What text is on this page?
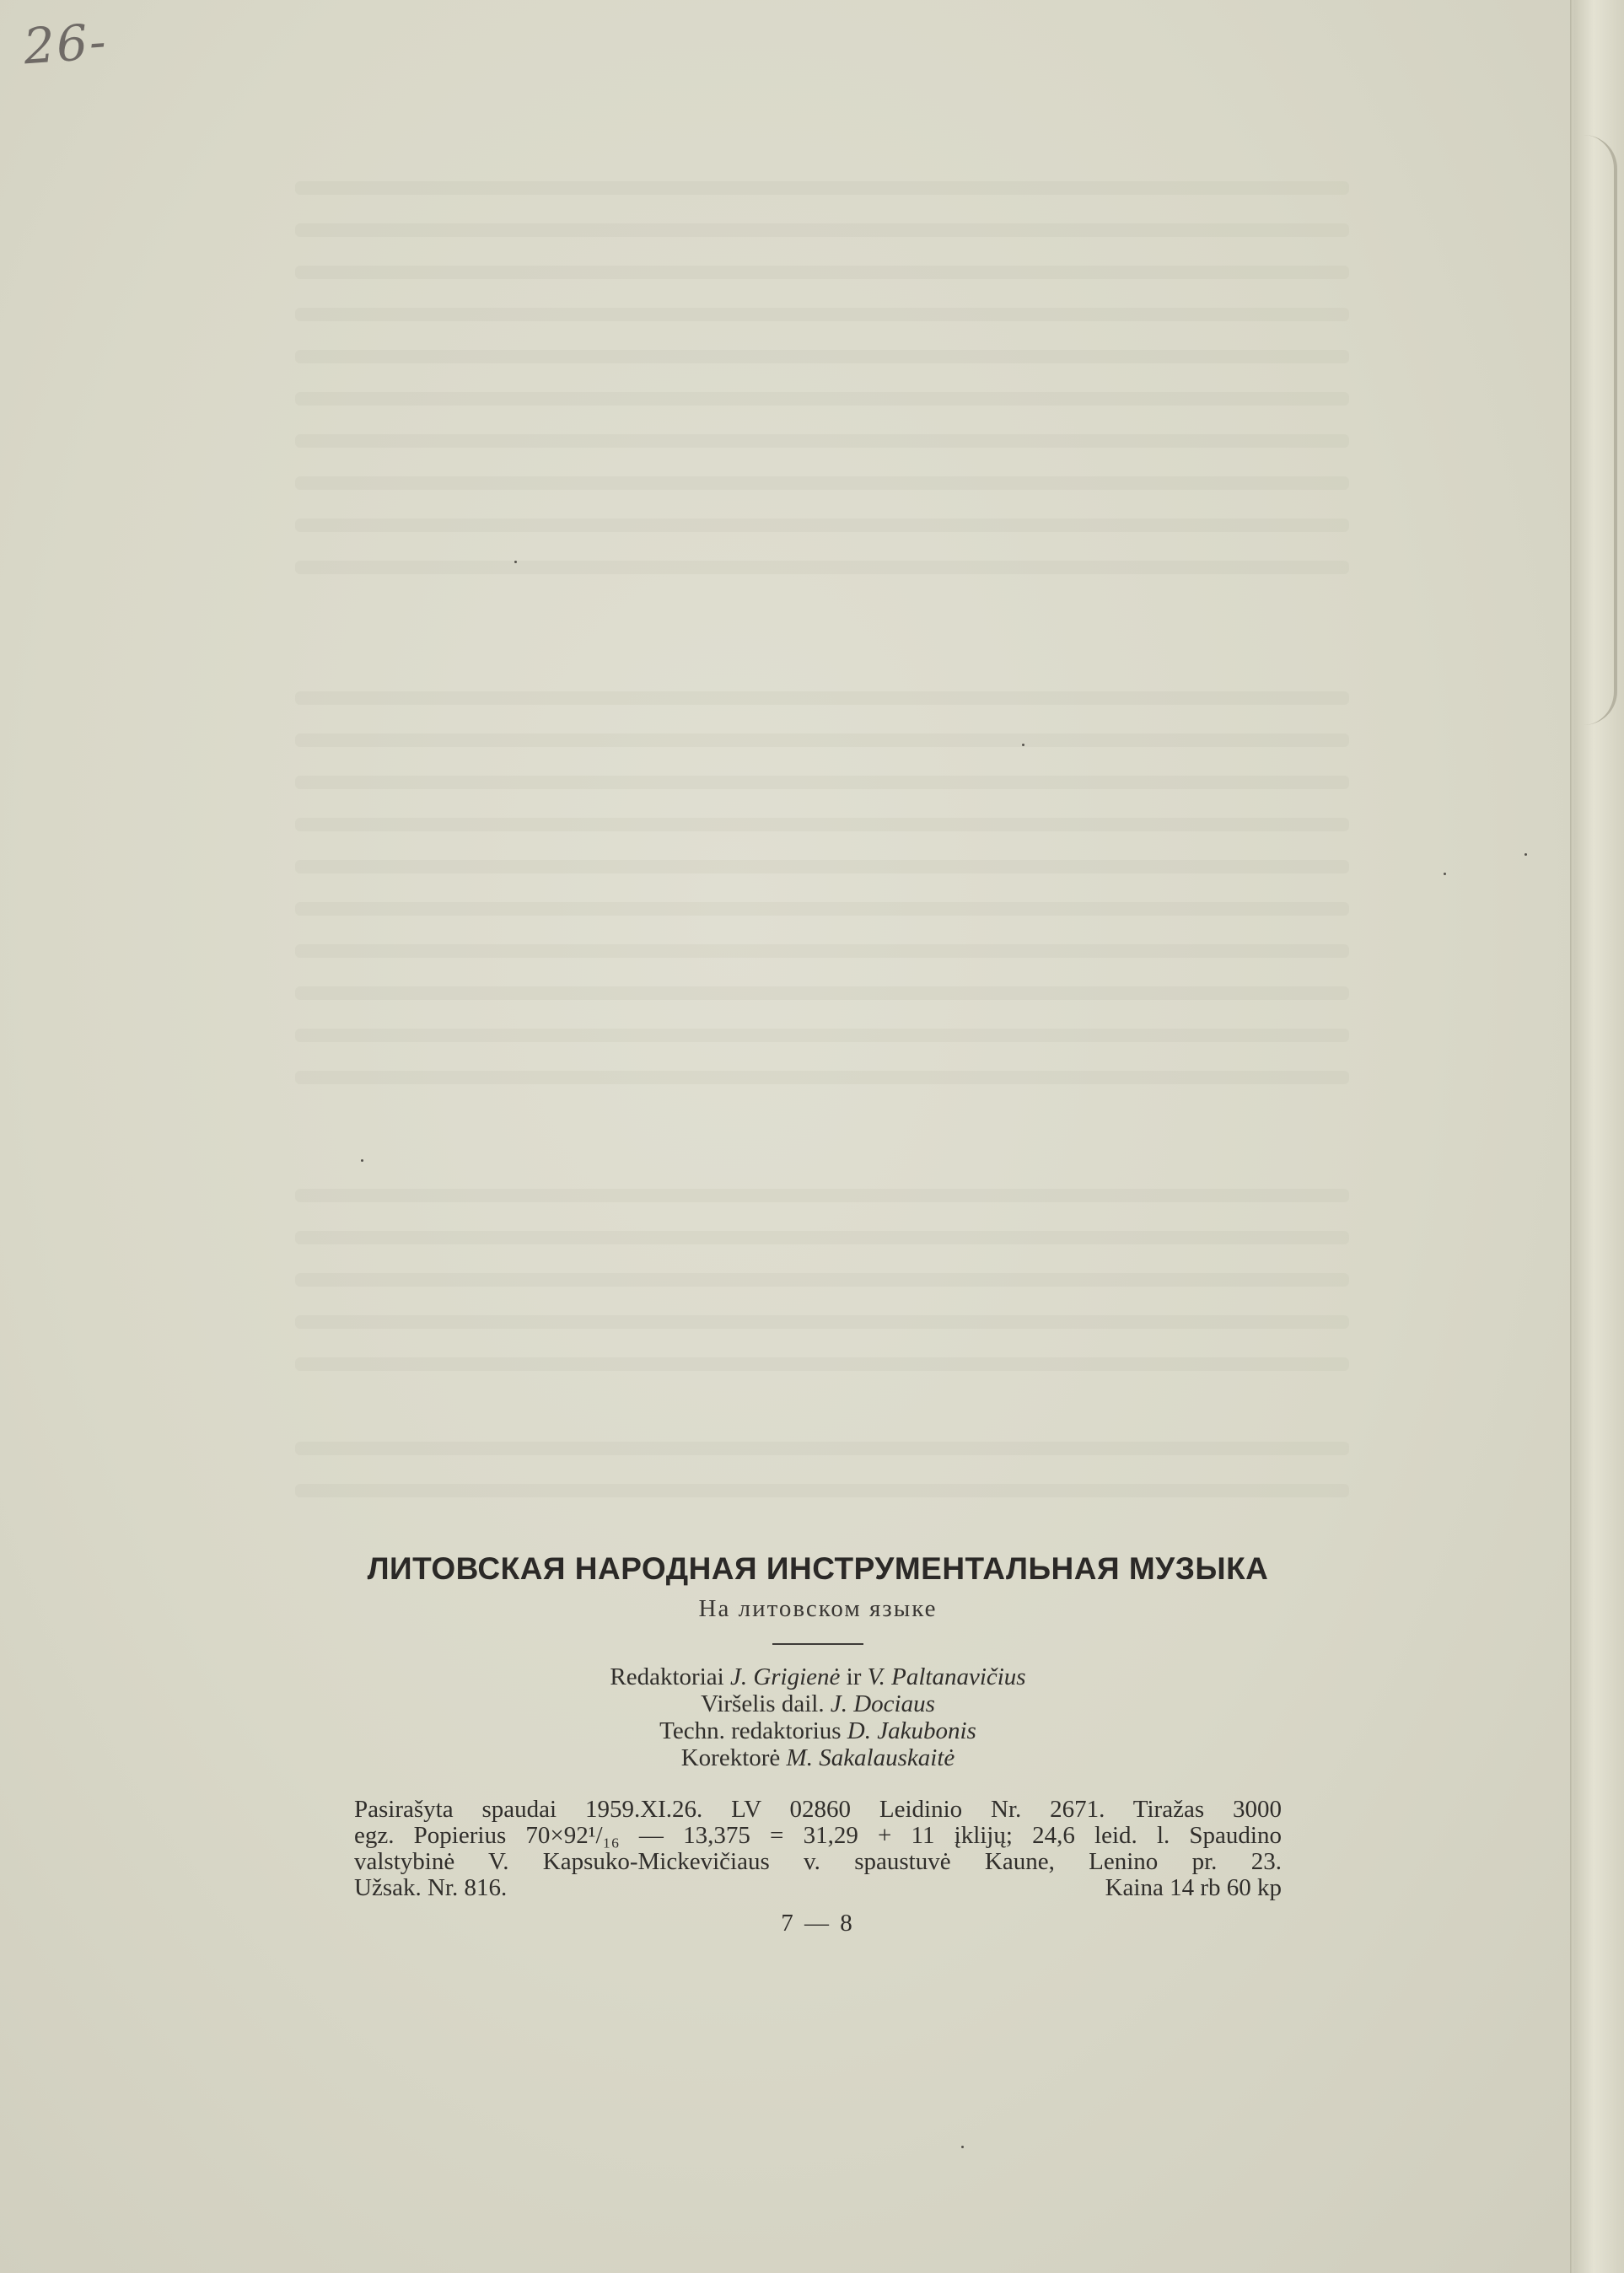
26-
ЛИТОВСКАЯ НАРОДНАЯ ИНСТРУМЕНТАЛЬНАЯ МУЗЫКА
На литовском языке
Redaktoriai J. Grigienė ir V. Paltanavičius
Viršelis dail. J. Dociaus
Techn. redaktorius D. Jakubonis
Korektorė M. Sakalauskaitė
Pasirašyta spaudai 1959.XI.26. LV 02860 Leidinio Nr. 2671. Tiražas 3000
egz. Popierius 70×92¹/₁₆ — 13,375 = 31,29 + 11 įklijų; 24,6 leid. l. Spaudino
valstybinė V. Kapsuko-Mickevičiaus v. spaustuvė Kaune, Lenino pr. 23.
Užsak. Nr. 816.	Kaina 14 rb 60 kp
7 — 8
